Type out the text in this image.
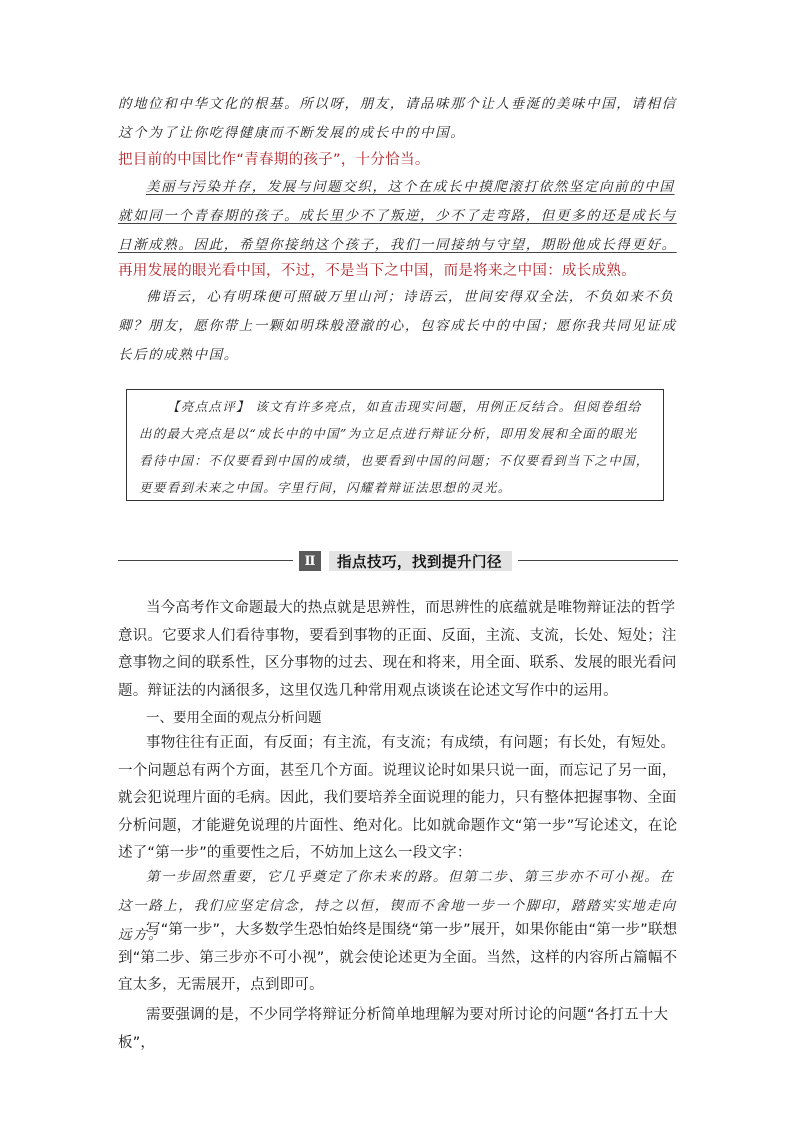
的地位和中华文化的根基。所以呀，朋友，请品味那个让人垂涎的美味中国，请相信这个为了让你吃得健康而不断发展的成长中的中国。

把目前的中国比作“青春期的孩子”，十分恰当。

美丽与污染并存，发展与问题交织，这个在成长中摸爬滚打依然坚定向前的中国就如同一个青春期的孩子。成长里少不了叛逆，少不了走弯路，但更多的还是成长与日渐成熟。因此，希望你接纳这个孩子，我们一同接纳与守望，期盼他成长得更好。

再用发展的眼光看中国，不过，不是当下之中国，而是将来之中国：成长成熟。

佛语云，心有明珠便可照破万里山河；诗语云，世间安得双全法，不负如来不负卿？朋友，愿你带上一颗如明珠般澄澈的心，包容成长中的中国；愿你我共同见证成长后的成熟中国。

【亮点点评】 该文有许多亮点，如直击现实问题，用例正反结合。但阅卷组给出的最大亮点是以“成长中的中国”为立足点进行辩证分析，即用发展和全面的眼光看待中国：不仅要看到中国的成绩，也要看到中国的问题；不仅要看到当下之中国，更要看到未来之中国。字里行间，闪耀着辩证法思想的灵光。

Ⅱ	指点技巧，找到提升门径

当今高考作文命题最大的热点就是思辨性，而思辨性的底蕴就是唯物辩证法的哲学意识。它要求人们看待事物，要看到事物的正面、反面，主流、支流，长处、短处；注意事物之间的联系性，区分事物的过去、现在和将来，用全面、联系、发展的眼光看问题。辩证法的内涵很多，这里仅选几种常用观点谈谈在论述文写作中的运用。

一、要用全面的观点分析问题

事物往往有正面，有反面；有主流，有支流；有成绩，有问题；有长处，有短处。一个问题总有两个方面，甚至几个方面。说理议论时如果只说一面，而忘记了另一面，就会犯说理片面的毛病。因此，我们要培养全面说理的能力，只有整体把握事物、全面分析问题，才能避免说理的片面性、绝对化。比如就命题作文“第一步”写论述文，在论述了“第一步”的重要性之后，不妨加上这么一段文字：

第一步固然重要，它几乎奠定了你未来的路。但第二步、第三步亦不可小视。在这一路上，我们应坚定信念，持之以恒，锲而不舍地一步一个脚印，踏踏实实地走向远方。

写“第一步”，大多数学生恐怕始终是围绕“第一步”展开，如果你能由“第一步”联想到“第二步、第三步亦不可小视”，就会使论述更为全面。当然，这样的内容所占篇幅不宜太多，无需展开，点到即可。

需要强调的是，不少同学将辩证分析简单地理解为要对所讨论的问题“各打五十大板”，
